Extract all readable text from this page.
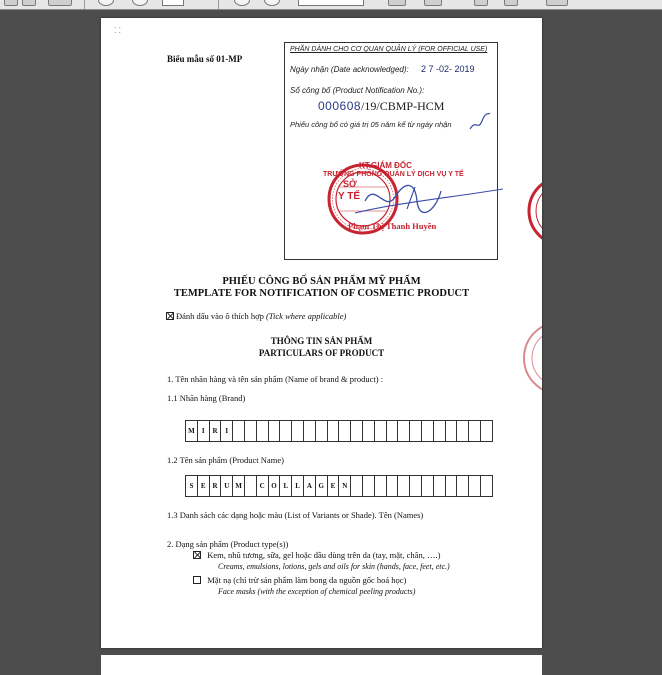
⁚ ⁚
Biểu mẫu số 01-MP
PHẦN DÀNH CHO CƠ QUAN QUẢN LÝ (FOR OFFICIAL USE)
Ngày nhận (Date acknowledged): 2 7 -02- 2019
Số công bố (Product Notification No.):
000608/19/CBMP-HCM
Phiếu công bố có giá trị 05 năm kể từ ngày nhận
SỞ
Y TẾ
KT.GIÁM ĐỐC
TRƯỞNG PHÒNG QUẢN LÝ DỊCH VỤ Y TẾ
Phạm Thị Thanh Huyền
PHIẾU CÔNG BỐ SẢN PHẨM MỸ PHẨM
TEMPLATE FOR NOTIFICATION OF COSMETIC PRODUCT
Đánh dấu vào ô thích hợp (Tick where applicable)
THÔNG TIN SẢN PHẨM
PARTICULARS OF PRODUCT
1. Tên nhãn hàng và tên sản phẩm (Name of brand & product) :
1.1 Nhãn hàng (Brand)
M	I	R	I
1.2 Tên sản phẩm (Product Name)
S	E R U M	C O L	L A G E N
1.3 Danh sách các dạng hoặc màu (List of Variants or Shade). Tên (Names)
2. Dạng sản phẩm (Product type(s))
Kem, nhũ tương, sữa, gel hoặc dầu dùng trên da (tay, mặt, chân, ….)
Creams, emulsions, lotions, gels and oils for skin (hands, face, feet, etc.)
Mặt nạ (chỉ trừ sản phẩm làm bong da nguồn gốc hoá học)
Face masks (with the exception of chemical peeling products)
